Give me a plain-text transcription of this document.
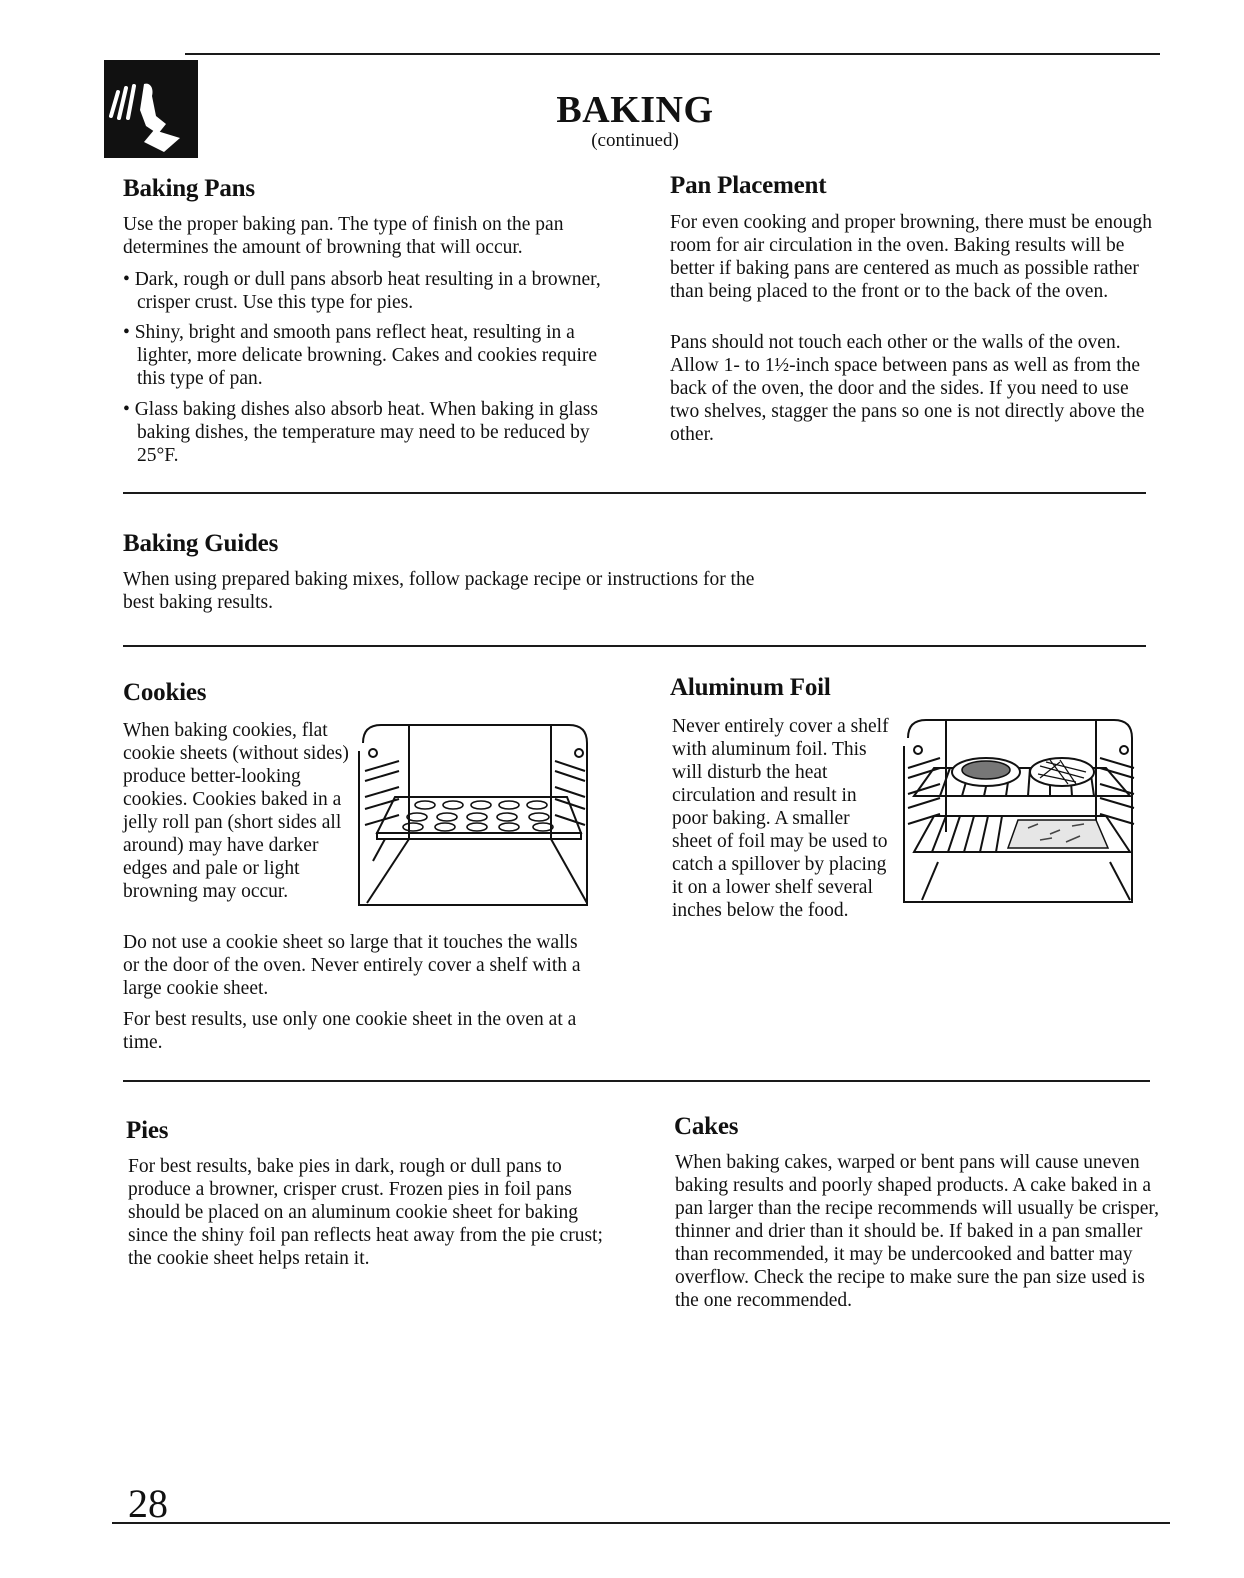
BAKING

(continued)

Baking Pans

Use the proper baking pan. The type of finish on the pan determines the amount of browning that will occur.

• Dark, rough or dull pans absorb heat resulting in a browner, crisper crust. Use this type for pies.

• Shiny, bright and smooth pans reflect heat, resulting in a lighter, more delicate browning. Cakes and cookies require this type of pan.

• Glass baking dishes also absorb heat. When baking in glass baking dishes, the temperature may need to be reduced by 25°F.

Pan Placement

For even cooking and proper browning, there must be enough room for air circulation in the oven. Baking results will be better if baking pans are centered as much as possible rather than being placed to the front or to the back of the oven.

Pans should not touch each other or the walls of the oven. Allow 1- to 1½-inch space between pans as well as from the back of the oven, the door and the sides. If you need to use two shelves, stagger the pans so one is not directly above the other.

Baking Guides

When using prepared baking mixes, follow package recipe or instructions for the best baking results.

Cookies

When baking cookies, flat cookie sheets (without sides) produce better-looking cookies. Cookies baked in a jelly roll pan (short sides all around) may have darker edges and pale or light browning may occur.

Do not use a cookie sheet so large that it touches the walls or the door of the oven. Never entirely cover a shelf with a large cookie sheet.

For best results, use only one cookie sheet in the oven at a time.

Aluminum Foil

Never entirely cover a shelf with aluminum foil. This will disturb the heat circulation and result in poor baking. A smaller sheet of foil may be used to catch a spillover by placing it on a lower shelf several inches below the food.

Pies

For best results, bake pies in dark, rough or dull pans to produce a browner, crisper crust. Frozen pies in foil pans should be placed on an aluminum cookie sheet for baking since the shiny foil pan reflects heat away from the pie crust; the cookie sheet helps retain it.

Cakes

When baking cakes, warped or bent pans will cause uneven baking results and poorly shaped products. A cake baked in a pan larger than the recipe recommends will usually be crisper, thinner and drier than it should be. If baked in a pan smaller than recommended, it may be undercooked and batter may overflow. Check the recipe to make sure the pan size used is the one recommended.

28
